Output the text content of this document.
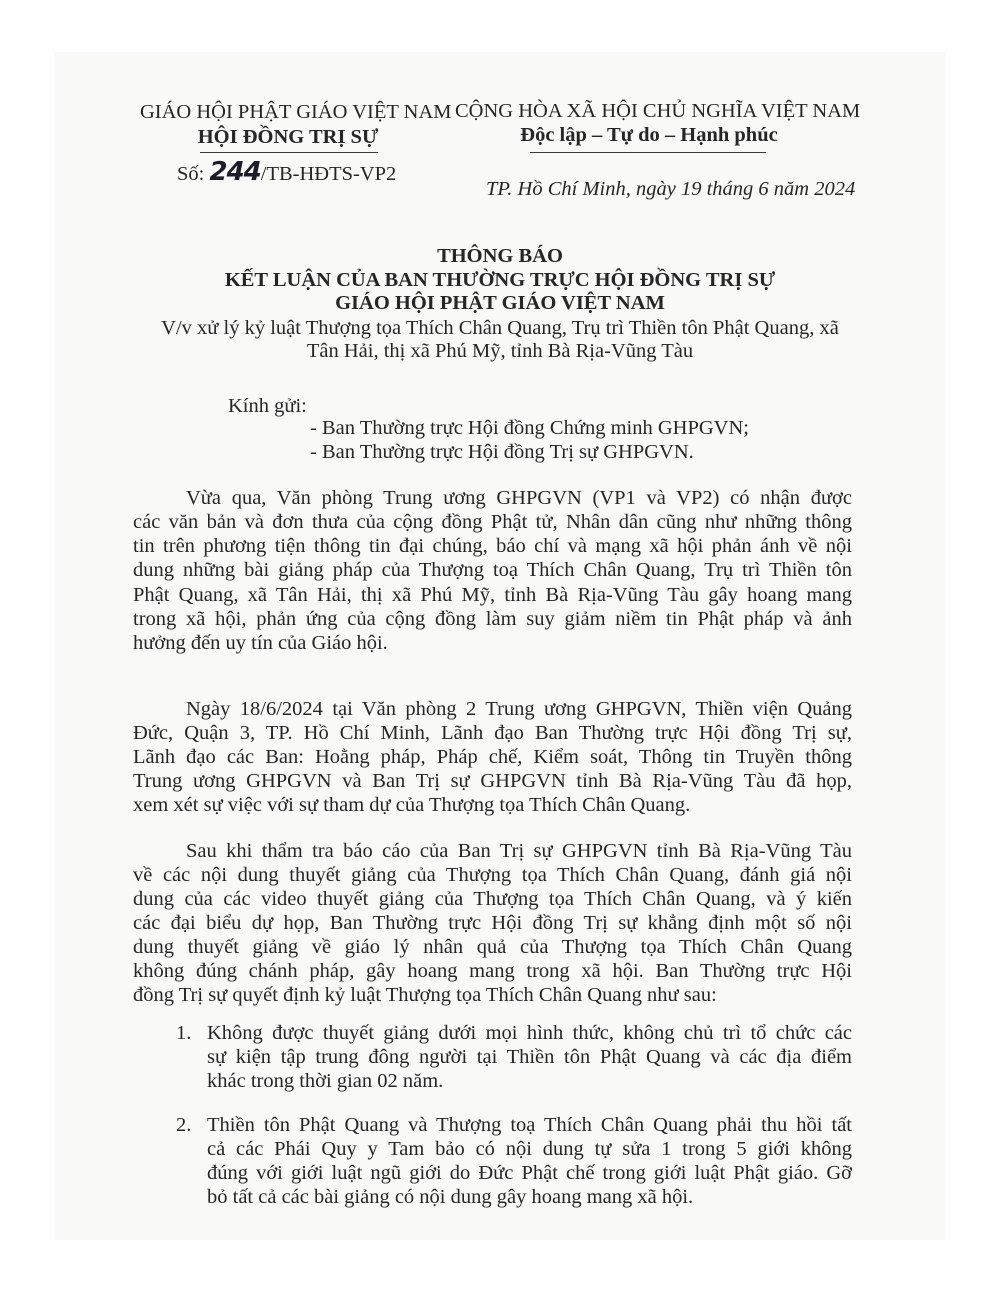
GIÁO HỘI PHẬT GIÁO VIỆT NAM
HỘI ĐỒNG TRỊ SỰ
Số: 244/TB-HĐTS-VP2
CỘNG HÒA XÃ HỘI CHỦ NGHĨA VIỆT NAM
Độc lập – Tự do – Hạnh phúc
TP. Hồ Chí Minh, ngày 19 tháng 6 năm 2024
THÔNG BÁO
KẾT LUẬN CỦA BAN THƯỜNG TRỰC HỘI ĐỒNG TRỊ SỰ
GIÁO HỘI PHẬT GIÁO VIỆT NAM
V/v xử lý kỷ luật Thượng tọa Thích Chân Quang, Trụ trì Thiền tôn Phật Quang, xã
Tân Hải, thị xã Phú Mỹ, tỉnh Bà Rịa-Vũng Tàu
Kính gửi:
- Ban Thường trực Hội đồng Chứng minh GHPGVN;
- Ban Thường trực Hội đồng Trị sự GHPGVN.
Vừa qua, Văn phòng Trung ương GHPGVN (VP1 và VP2) có nhận được
các văn bản và đơn thưa của cộng đồng Phật tử, Nhân dân cũng như những thông
tin trên phương tiện thông tin đại chúng, báo chí và mạng xã hội phản ánh về nội
dung những bài giảng pháp của Thượng toạ Thích Chân Quang, Trụ trì Thiền tôn
Phật Quang, xã Tân Hải, thị xã Phú Mỹ, tỉnh Bà Rịa-Vũng Tàu gây hoang mang
trong xã hội, phản ứng của cộng đồng làm suy giảm niềm tin Phật pháp và ảnh
hưởng đến uy tín của Giáo hội.
Ngày 18/6/2024 tại Văn phòng 2 Trung ương GHPGVN, Thiền viện Quảng
Đức, Quận 3, TP. Hồ Chí Minh, Lãnh đạo Ban Thường trực Hội đồng Trị sự,
Lãnh đạo các Ban: Hoằng pháp, Pháp chế, Kiểm soát, Thông tin Truyền thông
Trung ương GHPGVN và Ban Trị sự GHPGVN tỉnh Bà Rịa-Vũng Tàu đã họp,
xem xét sự việc với sự tham dự của Thượng tọa Thích Chân Quang.
Sau khi thẩm tra báo cáo của Ban Trị sự GHPGVN tỉnh Bà Rịa-Vũng Tàu
về các nội dung thuyết giảng của Thượng tọa Thích Chân Quang, đánh giá nội
dung của các video thuyết giảng của Thượng tọa Thích Chân Quang, và ý kiến
các đại biểu dự họp, Ban Thường trực Hội đồng Trị sự khẳng định một số nội
dung thuyết giảng về giáo lý nhân quả của Thượng tọa Thích Chân Quang
không đúng chánh pháp, gây hoang mang trong xã hội. Ban Thường trực Hội
đồng Trị sự quyết định kỷ luật Thượng tọa Thích Chân Quang như sau:
1. Không được thuyết giảng dưới mọi hình thức, không chủ trì tổ chức các
sự kiện tập trung đông người tại Thiền tôn Phật Quang và các địa điểm
khác trong thời gian 02 năm.
2. Thiền tôn Phật Quang và Thượng toạ Thích Chân Quang phải thu hồi tất
cả các Phái Quy y Tam bảo có nội dung tự sửa 1 trong 5 giới không
đúng với giới luật ngũ giới do Đức Phật chế trong giới luật Phật giáo. Gỡ
bỏ tất cả các bài giảng có nội dung gây hoang mang xã hội.
